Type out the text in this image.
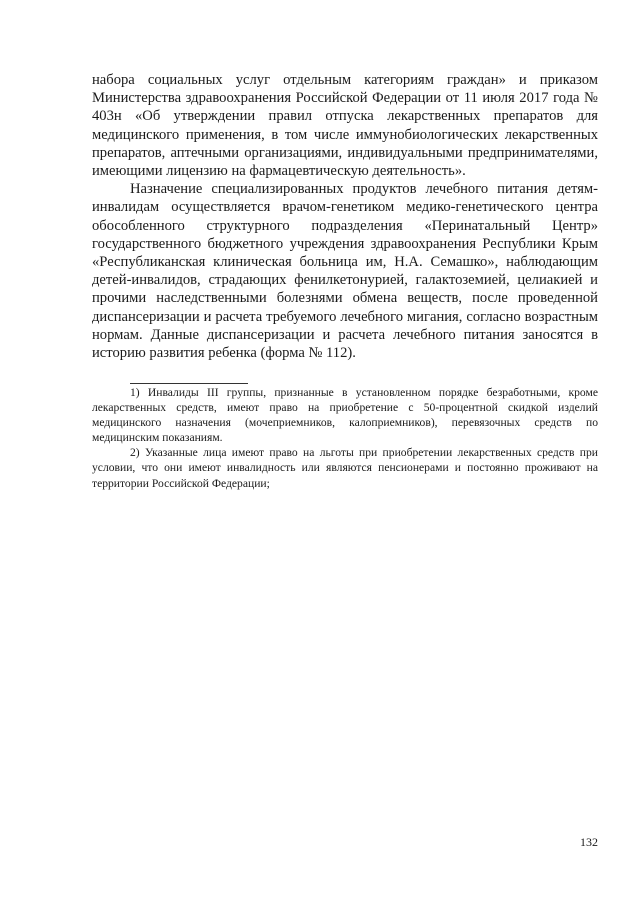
набора социальных услуг отдельным категориям граждан» и приказом Министерства здравоохранения Российской Федерации от 11 июля 2017 года № 403н «Об утверждении правил отпуска лекарственных препаратов для медицинского применения, в том числе иммунобиологических лекарственных препаратов, аптечными организациями, индивидуальными предпринимателями, имеющими лицензию на фармацевтическую деятельность».

Назначение специализированных продуктов лечебного питания детям-инвалидам осуществляется врачом-генетиком медико-генетического центра обособленного структурного подразделения «Перинатальный Центр» государственного бюджетного учреждения здравоохранения Республики Крым «Республиканская клиническая больница им, Н.А. Семашко», наблюдающим детей-инвалидов, страдающих фенилкетонурией, галактоземией, целиакией и прочими наследственными болезнями обмена веществ, после проведенной диспансеризации и расчета требуемого лечебного мигания, согласно возрастным нормам. Данные диспансеризации и расчета лечебного питания заносятся в историю развития ребенка (форма № 112).

1) Инвалиды III группы, признанные в установленном порядке безработными, кроме лекарственных средств, имеют право на приобретение с 50-процентной скидкой изделий медицинского назначения (мочеприемников, калоприемников), перевязочных средств по медицинским показаниям.

2) Указанные лица имеют право на льготы при приобретении лекарственных средств при условии, что они имеют инвалидность или являются пенсионерами и постоянно проживают на территории Российской Федерации;

132
